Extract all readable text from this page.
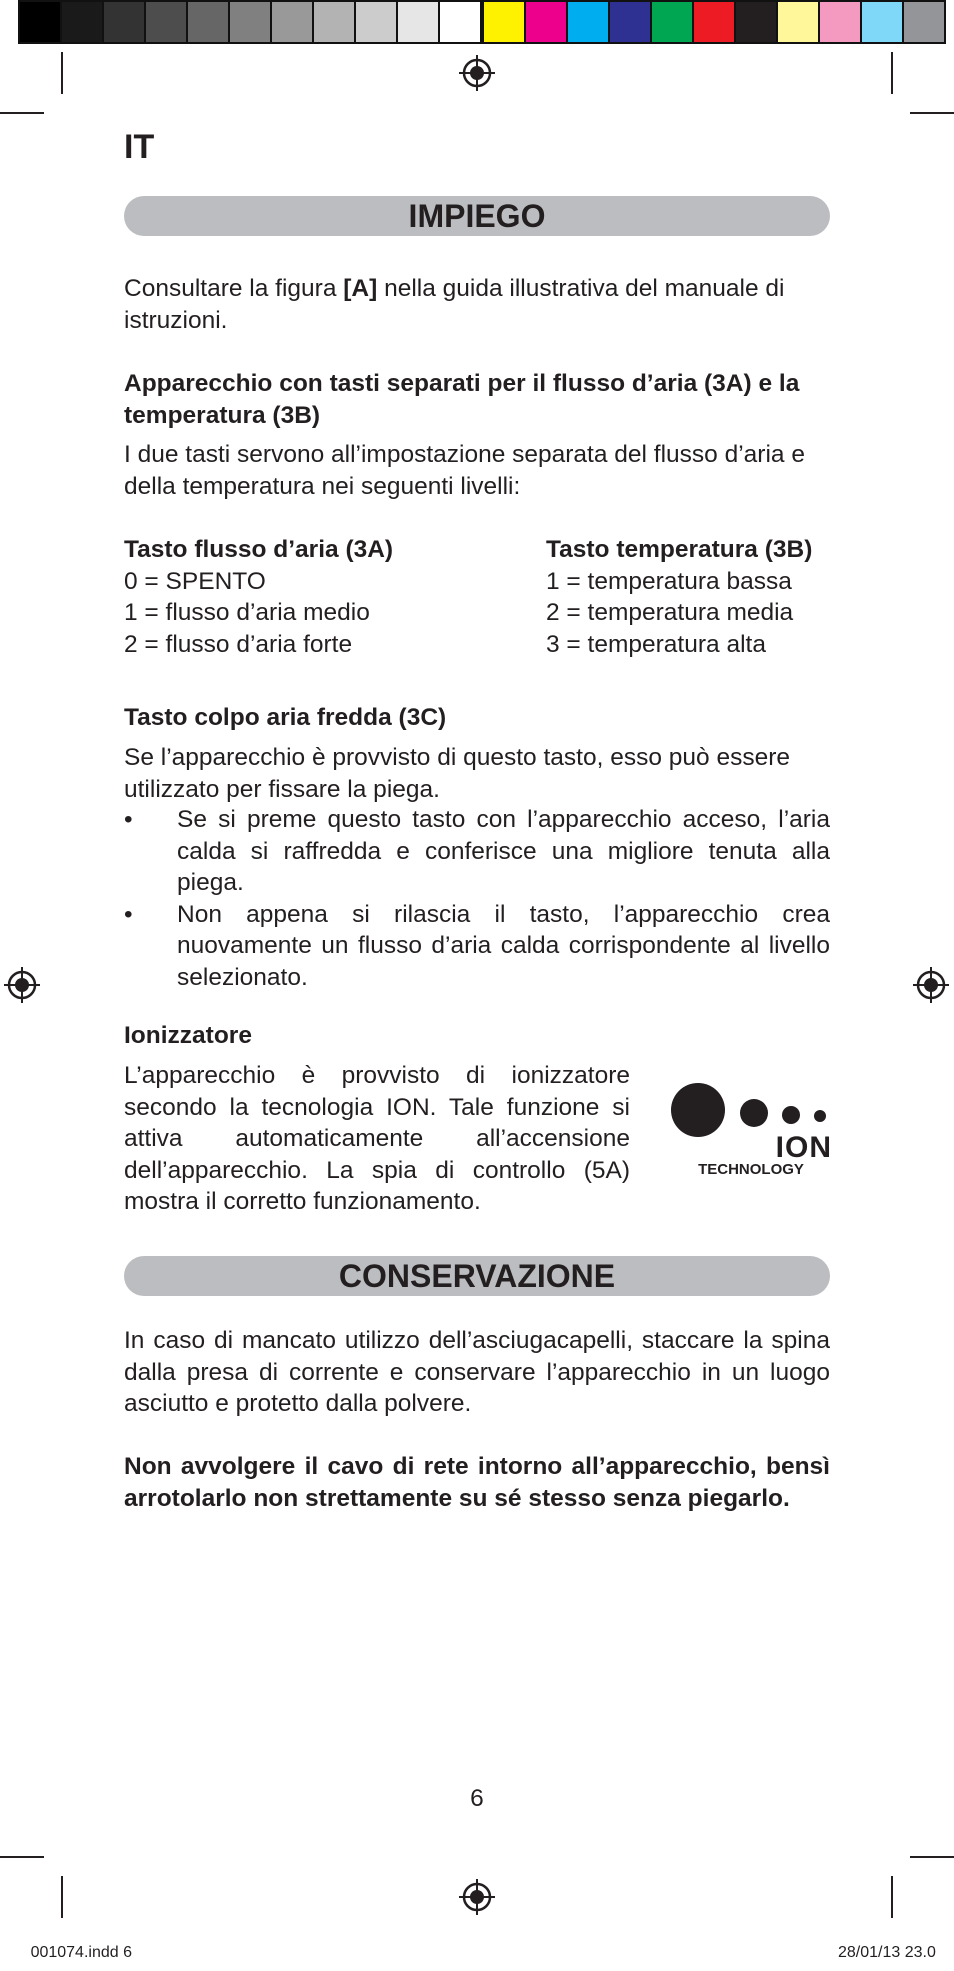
IT
IMPIEGO

Consultare la figura [A] nella guida illustrativa del manuale di istruzioni.

Apparecchio con tasti separati per il flusso d’aria (3A) e la temperatura (3B)

I due tasti servono all’impostazione separata del flusso d’aria e della temperatura nei seguenti livelli:

Tasto flusso d’aria (3A)
0 = SPENTO
1 = flusso d’aria medio
2 = flusso d’aria forte
Tasto temperatura (3B)
1 = temperatura bassa
2 = temperatura media
3 = temperatura alta

Tasto colpo aria fredda (3C)

Se l’apparecchio è provvisto di questo tasto, esso può essere utilizzato per fissare la piega.

• Se si preme questo tasto con l’apparecchio acceso, l’aria calda si raffredda e conferisce una migliore tenuta alla piega.
• Non appena si rilascia il tasto, l’apparecchio crea nuovamente un flusso d’aria calda corrispondente al livello selezionato.

Ionizzatore

L’apparecchio è provvisto di ionizzatore secondo la tecnologia ION. Tale funzione si attiva automaticamente all’accensione dell’apparecchio. La spia di controllo (5A) mostra il corretto funzionamento.

ION
TECHNOLOGY
CONSERVAZIONE

In caso di mancato utilizzo dell’asciugacapelli, staccare la spina dalla presa di corrente e conservare l’apparecchio in un luogo asciutto e protetto dalla polvere.

Non avvolgere il cavo di rete intorno all’apparecchio, bensì arrotolarlo non strettamente su sé stesso senza piegarlo.

6
001074.indd 6	28/01/13 23.0
